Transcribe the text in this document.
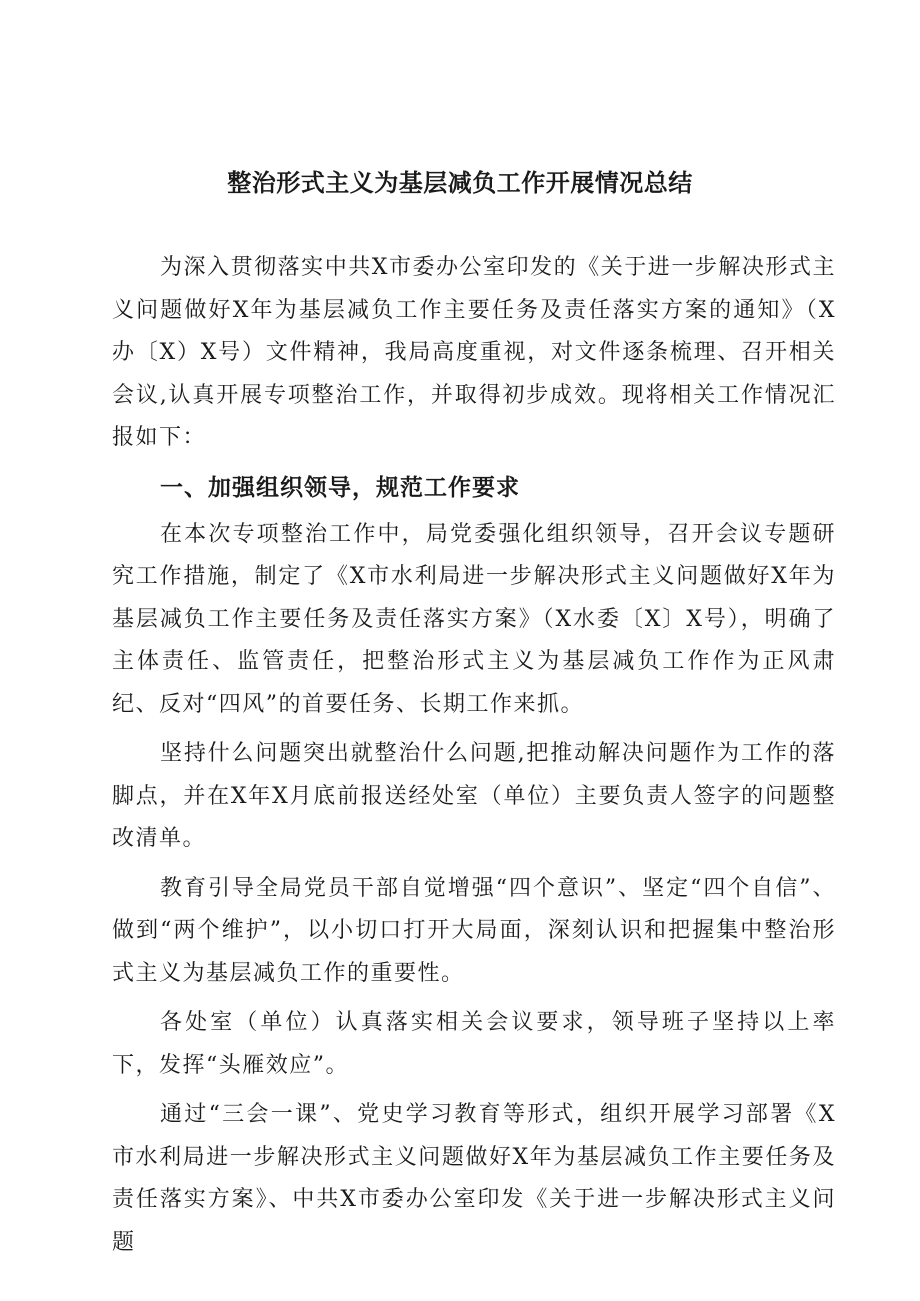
整治形式主义为基层减负工作开展情况总结

为深入贯彻落实中共X市委办公室印发的《关于进一步解决形式主义问题做好X年为基层减负工作主要任务及责任落实方案的通知》（X办〔X）X号）文件精神，我局高度重视，对文件逐条梳理、召开相关会议,认真开展专项整治工作，并取得初步成效。现将相关工作情况汇报如下：

一、加强组织领导，规范工作要求

在本次专项整治工作中，局党委强化组织领导，召开会议专题研究工作措施，制定了《X市水利局进一步解决形式主义问题做好X年为基层减负工作主要任务及责任落实方案》（X水委〔X〕X号），明确了主体责任、监管责任，把整治形式主义为基层减负工作作为正风肃纪、反对“四风”的首要任务、长期工作来抓。

坚持什么问题突出就整治什么问题,把推动解决问题作为工作的落脚点，并在X年X月底前报送经处室（单位）主要负责人签字的问题整改清单。

教育引导全局党员干部自觉增强“四个意识”、坚定“四个自信”、做到“两个维护”，以小切口打开大局面，深刻认识和把握集中整治形式主义为基层减负工作的重要性。

各处室（单位）认真落实相关会议要求，领导班子坚持以上率下，发挥“头雁效应”。

通过“三会一课”、党史学习教育等形式，组织开展学习部署《X市水利局进一步解决形式主义问题做好X年为基层减负工作主要任务及责任落实方案》、中共X市委办公室印发《关于进一步解决形式主义问题
